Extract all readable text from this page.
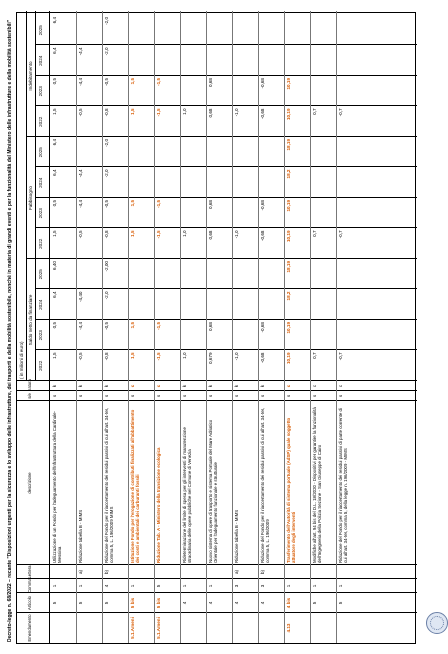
Decreto-legge n. 68/2022 – recante "Disposizioni urgenti per la sicurezza e lo sviluppo delle infrastrutture, dei trasporti e della mobilità sostenibile, nonché in materia di grandi eventi e per la funzionalità del Ministero delle infrastrutture e della mobilità sostenibili"	Emendamento
Articolo
Comma
Lettera
descrizione
s/e
natura
( in milioni di euro)
Saldo netto da finanziare
2022
2023
2024
2025
Fabbisogno
2022
2023
2024
2025
Indebitamento
2022
2023
2024
2025
5
1
Utilizzazione di un Fondo per l'adeguamento dell'infrastruttura della Cardinale-Messina
s
k
1,5
0,5
6,4
6,40
1,5
0,5
6,4
6,4
1,5
0,5
6,4
6,4
5
1
a)
Riduzione tabella B - MIMS
s
k
-0,5
-4,4
-4,40
-0,5
-4,4
-4,4
-0,5
-4,4
-4,4
5
4
b)
Riduzione del Fondo per il riaccertamento dei residui passivi di cui all'art. 34-ter, comma 5, L. 196/2009 MIMS
s
k
-0,8
-0,5
-2,0
-2,00
-0,8
-0,5
-2,0
-2,0
-0,8
-0,5
-2,0
-2,0
5.1.Ameni
5 bis
1
Istituzione Fondo per l'erogazione di contributi finalizzati all'abbattimento dei costi e ambientali dei carburanti fossili
s
c
1,5
1,5
1,5
1,5
1,5
1,5
5.1.Ameni
5 bis
5
Riduzione Tab. A - Ministero della transizione ecologica
s
c
-1,5
-1,5
-1,5
-1,5
-1,5
-1,5
4
1
Rideterminazione del limite di spesa per gli interventi di manutenzione straordinaria delle opere pubbliche nel Comune di Venezia
s
k
1,0
1,0
1,0
4
1
Nuovo sistema di opere di trasporto e sistema Portuale del Mare Adriatico Orientale per l'adeguamento funzionale e strutturale
s
k
0,679
0,68
0,68
0,68
0,68
0,68
4
3
a)
Riduzione tabella B - MIMS
s
k
-1,0
-1,0
-1,0
4
3
b)
Riduzione del Fondo per il riaccertamento dei residui passivi di cui all'art. 34-ter, comma 5, L. 196/2009
s
k
-0,68
-0,68
-0,68
-0,68
-0,68
-0,68
4.13
4 bis
1
Trasferimento dell'Autorità di sistema portuale (AdSP) quale soggetto attuatore degli interventi
s
c
10,19
10,19
18,2
18,19
10,19
10,19
18,2
18,19
10,19
10,19
5
1
Modifiche all'art. 94 bis del D.L. 18/2020 - Dispositivi per garantire la funzionalità dell'Ingegneria della Polizia Sezione - San Giuseppe di Cairo
s
c
0,7
0,7
0,7
5
1
Riduzione del Fondo per il riaccertamento dei residui passivi di parte corrente di cui all'art. 34-ter, comma 5, della legge n. 196/2009 - MIMS
s
c
-0,7
-0,7
-0,7
